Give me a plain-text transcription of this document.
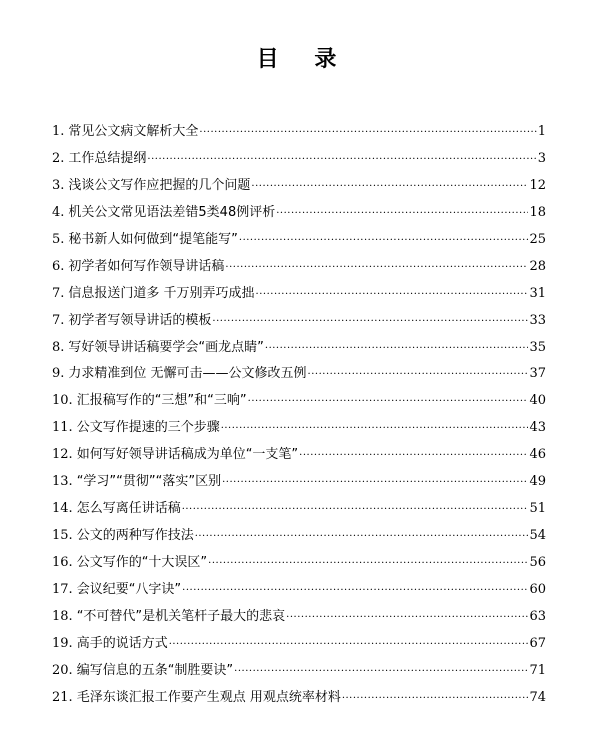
目 录
1. 常见公文病文解析大全 ·····	1
2. 工作总结提纲 ·····	3
3. 浅谈公文写作应把握的几个问题 ·····	12
4. 机关公文常见语法差错5类48例评析 ·····	18
5. 秘书新人如何做到“提笔能写” ·····	25
6. 初学者如何写作领导讲话稿 ·····	28
7. 信息报送门道多 千万别弄巧成拙 ·····	31
7. 初学者写领导讲话的模板 ·····	33
8. 写好领导讲话稿要学会“画龙点睛” ·····	35
9. 力求精准到位 无懈可击——公文修改五例 ·····	37
10. 汇报稿写作的“三想”和“三响” ·····	40
11. 公文写作提速的三个步骤 ·····	43
12. 如何写好领导讲话稿成为单位“一支笔” ·····	46
13. “学习”“贯彻”“落实”区别 ·····	49
14. 怎么写离任讲话稿 ·····	51
15. 公文的两种写作技法 ·····	54
16. 公文写作的“十大误区” ·····	56
17. 会议纪要“八字诀” ·····	60
18. “不可替代”是机关笔杆子最大的悲哀 ·····	63
19. 高手的说话方式 ·····	67
20. 编写信息的五条“制胜要诀” ·····	71
21. 毛泽东谈汇报工作要产生观点 用观点统率材料 ·····	74
